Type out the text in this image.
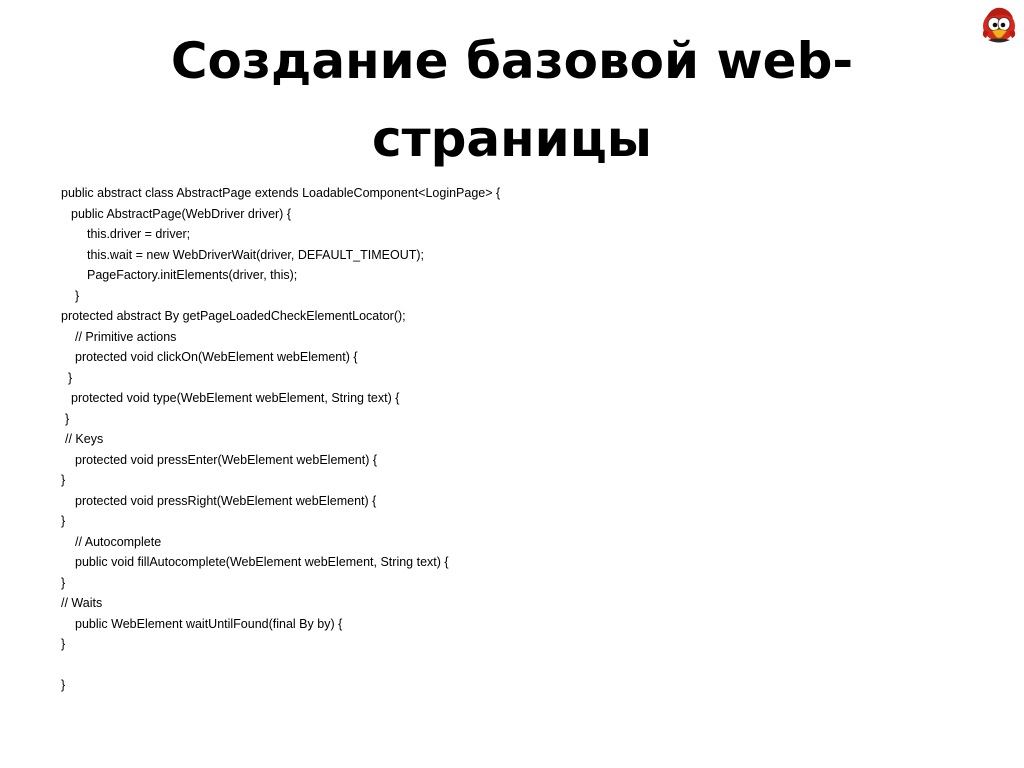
Создание базовой web-
страницы
public abstract class AbstractPage extends LoadableComponent<LoginPage> {
public AbstractPage(WebDriver driver) {
this.driver = driver;
this.wait = new WebDriverWait(driver, DEFAULT_TIMEOUT);
PageFactory.initElements(driver, this);
}
protected abstract By getPageLoadedCheckElementLocator();
// Primitive actions
protected void clickOn(WebElement webElement) {
}
protected void type(WebElement webElement, String text) {
}
// Keys
protected void pressEnter(WebElement webElement) {
}
protected void pressRight(WebElement webElement) {
}
// Autocomplete
public void fillAutocomplete(WebElement webElement, String text) {
}
// Waits
public WebElement waitUntilFound(final By by) {
}
}
